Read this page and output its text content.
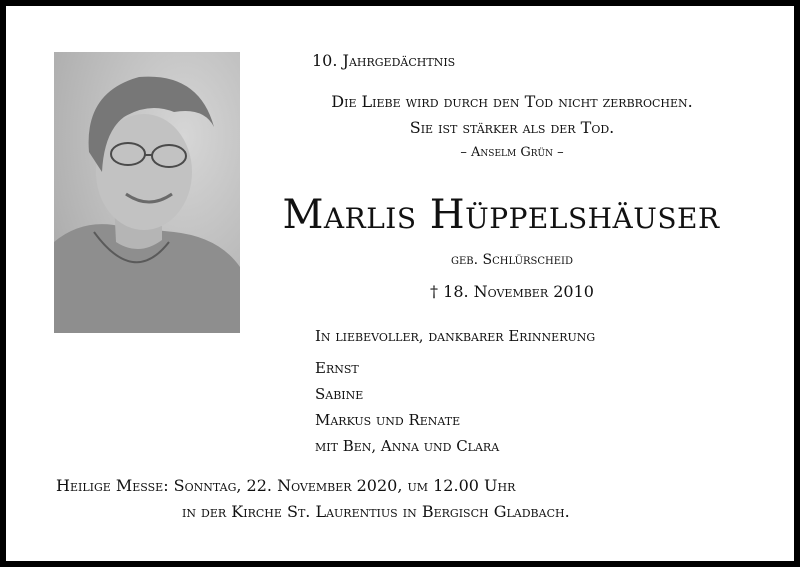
10. Jahrgedächtnis
Die Liebe wird durch den Tod nicht zerbrochen.
Sie ist stärker als der Tod.
– Anselm Grün –
Marlis Hüppelshäuser
geb. Schlürscheid
† 18. November 2010
In liebevoller, dankbarer Erinnerung
Ernst
Sabine
Markus und Renate
mit Ben, Anna und Clara
Heilige Messe: Sonntag, 22. November 2020, um 12.00 Uhr
in der Kirche St. Laurentius in Bergisch Gladbach.
